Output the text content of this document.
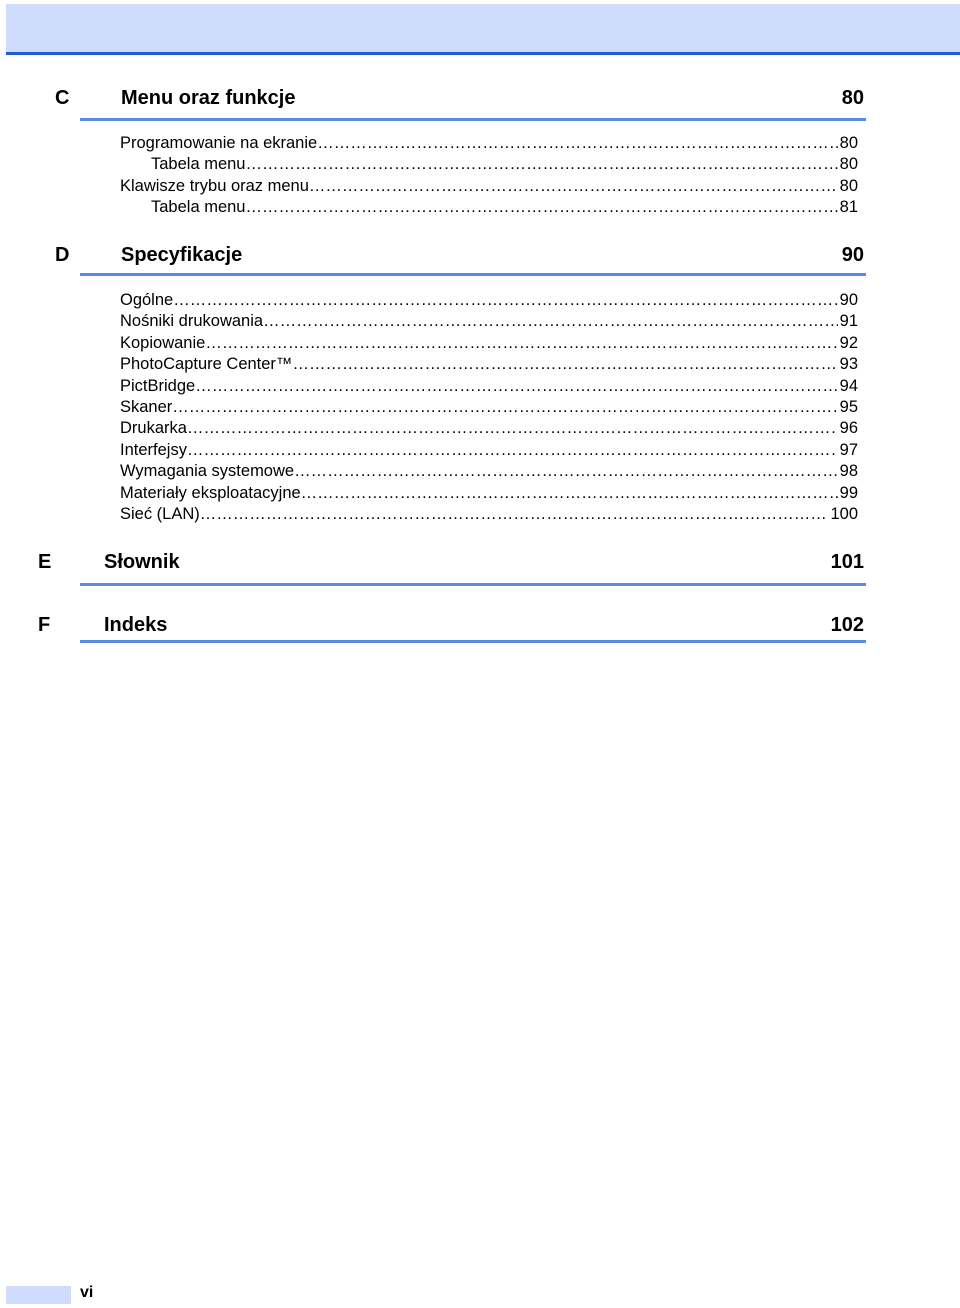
C	Menu oraz funkcje	80
Programowanie na ekranie …………………………………………………………………………………………………………………………………………………………	80
Tabela menu …………………………………………………………………………………………………………………………………………………………	80
Klawisze trybu oraz menu …………………………………………………………………………………………………………………………………………………………	80
Tabela menu …………………………………………………………………………………………………………………………………………………………	81
D	Specyfikacje	90
Ogólne …………………………………………………………………………………………………………………………………………………………	90
Nośniki drukowania …………………………………………………………………………………………………………………………………………………………	91
Kopiowanie …………………………………………………………………………………………………………………………………………………………	92
PhotoCapture Center™ …………………………………………………………………………………………………………………………………………………………	93
PictBridge …………………………………………………………………………………………………………………………………………………………	94
Skaner …………………………………………………………………………………………………………………………………………………………	95
Drukarka …………………………………………………………………………………………………………………………………………………………	96
Interfejsy …………………………………………………………………………………………………………………………………………………………	97
Wymagania systemowe …………………………………………………………………………………………………………………………………………………………	98
Materiały eksploatacyjne …………………………………………………………………………………………………………………………………………………………	99
Sieć (LAN) …………………………………………………………………………………………………………………………………………………………	100
E	Słownik	101
F	Indeks	102
vi
